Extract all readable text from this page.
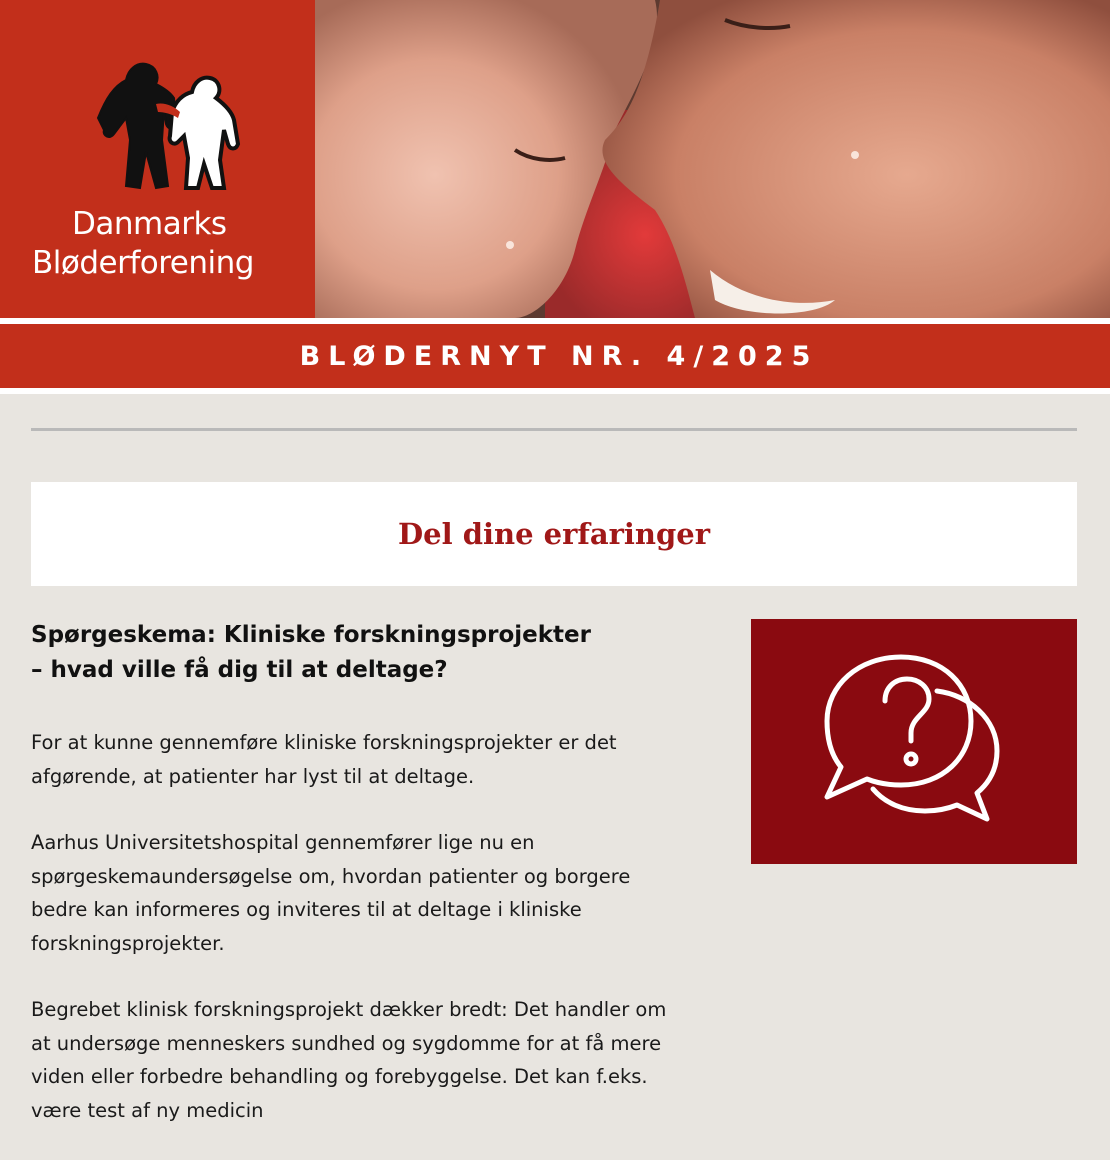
Danmarks
Bløderforening
BLØDERNYT NR. 4/2025
Del dine erfaringer
Spørgeskema: Kliniske forskningsprojekter
– hvad ville få dig til at deltage?

For at kunne gennemføre kliniske forskningsprojekter er det afgørende, at patienter har lyst til at deltage.

Aarhus Universitetshospital gennemfører lige nu en spørgeskemaundersøgelse om, hvordan patienter og borgere bedre kan informeres og inviteres til at deltage i kliniske forskningsprojekter.

Begrebet klinisk forskningsprojekt dækker bredt: Det handler om at undersøge menneskers sundhed og sygdomme for at få mere viden eller forbedre behandling og forebyggelse. Det kan f.eks. være test af ny medicin
